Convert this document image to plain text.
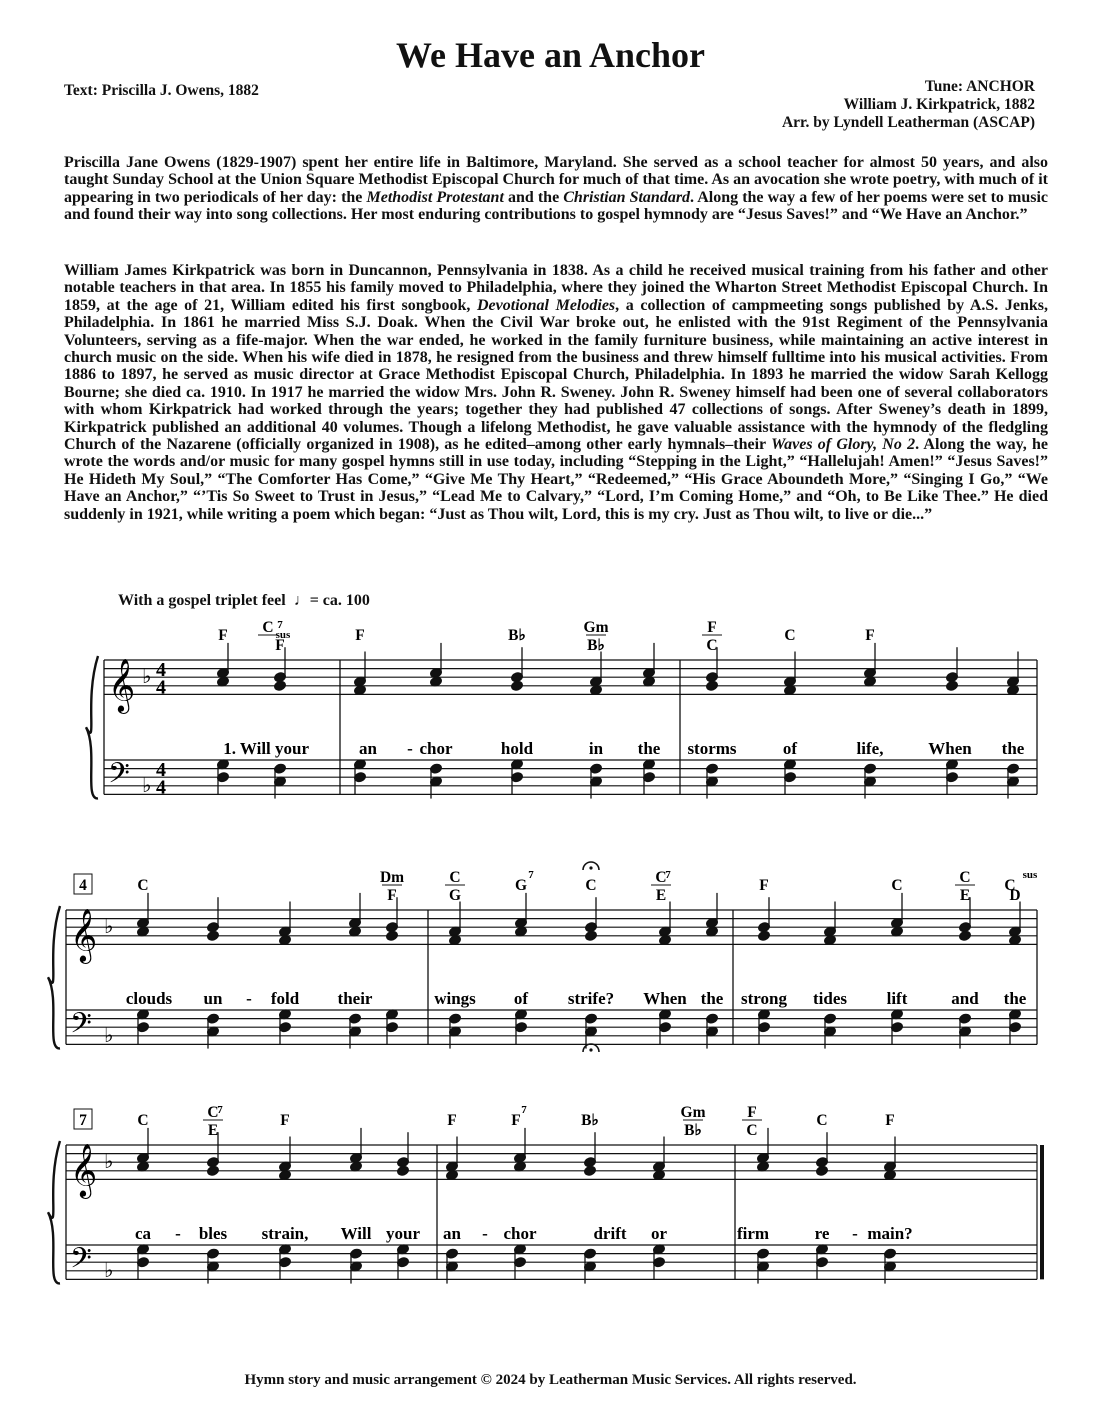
We Have an Anchor
Text: Priscilla J. Owens, 1882	Tune: ANCHOR
William J. Kirkpatrick, 1882
Arr. by Lyndell Leatherman (ASCAP)
Priscilla Jane Owens (1829-1907) spent her entire life in Baltimore, Maryland. She served as a school teacher for almost 50 years, and also taught Sunday School at the Union Square Methodist Episcopal Church for much of that time. As an avocation she wrote poetry, with much of it appearing in two periodicals of her day: the Methodist Protestant and the Christian Standard. Along the way a few of her poems were set to music and found their way into song collections. Her most enduring contributions to gospel hymnody are “Jesus Saves!” and “We Have an Anchor.”
William James Kirkpatrick was born in Duncannon, Pennsylvania in 1838. As a child he received musical training from his father and other notable teachers in that area. In 1855 his family moved to Philadelphia, where they joined the Wharton Street Methodist Episcopal Church. In 1859, at the age of 21, William edited his first songbook, Devotional Melodies, a collection of campmeeting songs published by A.S. Jenks, Philadelphia. In 1861 he married Miss S.J. Doak. When the Civil War broke out, he enlisted with the 91st Regiment of the Pennsylvania Volunteers, serving as a fife-major. When the war ended, he worked in the family furniture business, while maintaining an active interest in church music on the side. When his wife died in 1878, he resigned from the business and threw himself fulltime into his musical activities. From 1886 to 1897, he served as music director at Grace Methodist Episcopal Church, Philadelphia. In 1893 he married the widow Sarah Kellogg Bourne; she died ca. 1910. In 1917 he married the widow Mrs. John R. Sweney. John R. Sweney himself had been one of several collaborators with whom Kirkpatrick had worked through the years; together they had published 47 collections of songs. After Sweney’s death in 1899, Kirkpatrick published an additional 40 volumes. Though a lifelong Methodist, he gave valuable assistance with the hymnody of the fledgling Church of the Nazarene (officially organized in 1908), as he edited–among other early hymnals–their Waves of Glory, No 2. Along the way, he wrote the words and/or music for many gospel hymns still in use today, including “Stepping in the Light,” “Hallelujah! Amen!” “Jesus Saves!” He Hideth My Soul,” “The Comforter Has Come,” “Give Me Thy Heart,” “Redeemed,” “His Grace Aboundeth More,” “Singing I Go,” “We Have an Anchor,” “’Tis So Sweet to Trust in Jesus,” “Lead Me to Calvary,” “Lord, I’m Coming Home,” and “Oh, to Be Like Thee.” He died suddenly in 1921, while writing a poem which began: “Just as Thou wilt, Lord, this is my cry. Just as Thou wilt, to live or die...”
With a gospel triplet feel ♩= ca. 100
𝄞
𝄢
♭
♭
4
4
4
4
𝄞
𝄢
♭
♭
𝄞
𝄢
♭
♭
F C 7
sus
F
F	B♭	Gm
B♭
F
C
C	F
C	Dm
F
C
G
G
7
C	C
7
E
F	C	C
E
C
sus
D
C	C
7
E
F	F	F
7
B♭	Gm
B♭
F
C
C	F
1. Will your	an - chor	hold	in the storms	of	life,	When the
clouds un - fold their	wings of strife? When the strong tides lift	and the
ca - bles strain, Will your an - chor	drift or	firm	re - main?
4
7
Hymn story and music arrangement © 2024 by Leatherman Music Services. All rights reserved.
